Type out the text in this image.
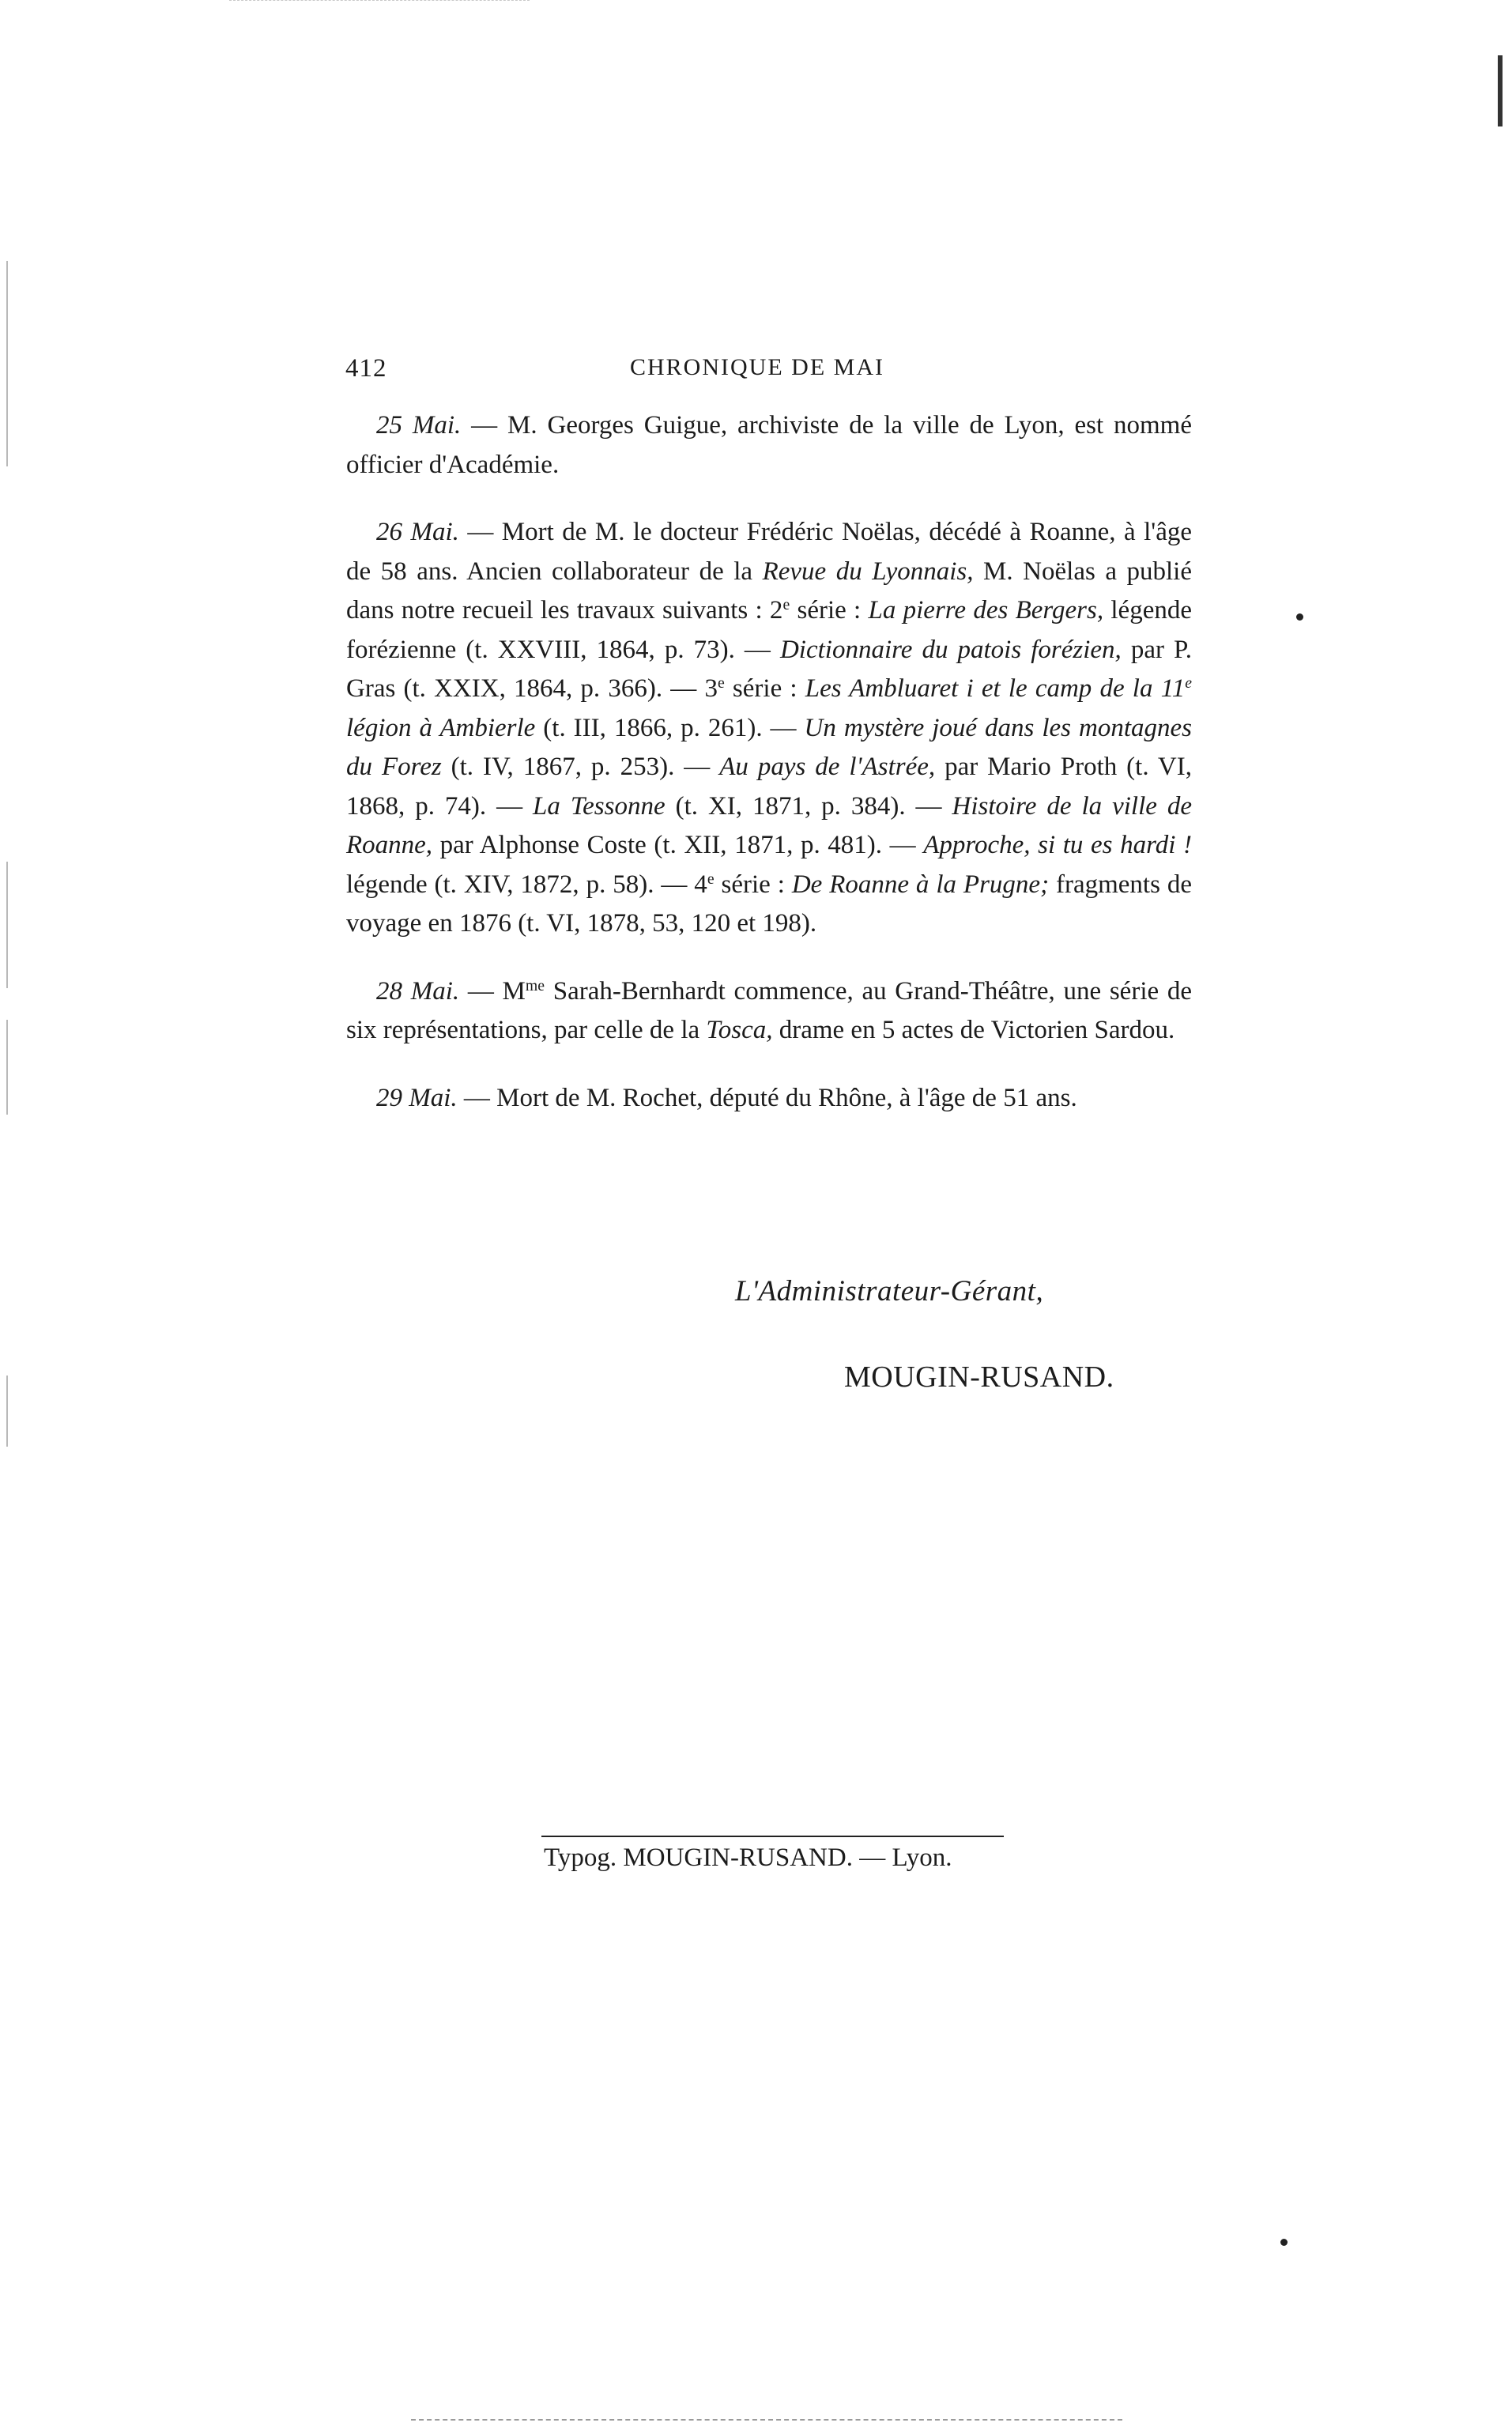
412	CHRONIQUE DE MAI

25 Mai. — M. Georges Guigue, archiviste de la ville de Lyon, est nommé officier d'Académie.

26 Mai. — Mort de M. le docteur Frédéric Noëlas, décédé à Roanne, à l'âge de 58 ans. Ancien collaborateur de la Revue du Lyonnais, M. Noëlas a publié dans notre recueil les travaux suivants : 2e série : La pierre des Bergers, légende forézienne (t. XXVIII, 1864, p. 73). — Dictionnaire du patois forézien, par P. Gras (t. XXIX, 1864, p. 366). — 3e série : Les Ambluaret i et le camp de la 11e légion à Ambierle (t. III, 1866, p. 261). — Un mystère joué dans les montagnes du Forez (t. IV, 1867, p. 253). — Au pays de l'Astrée, par Mario Proth (t. VI, 1868, p. 74). — La Tessonne (t. XI, 1871, p. 384). — Histoire de la ville de Roanne, par Alphonse Coste (t. XII, 1871, p. 481). — Approche, si tu es hardi ! légende (t. XIV, 1872, p. 58). — 4e série : De Roanne à la Prugne; fragments de voyage en 1876 (t. VI, 1878, 53, 120 et 198).

28 Mai. — $M^{me}$ Sarah-Bernhardt commence, au Grand-Théâtre, une série de six représentations, par celle de la Tosca, drame en 5 actes de Victorien Sardou.

29 Mai. — Mort de M. Rochet, député du Rhône, à l'âge de 51 ans.

L'Administrateur-Gérant,
MOUGIN-RUSAND.
Typog. MOUGIN-RUSAND. — Lyon.
